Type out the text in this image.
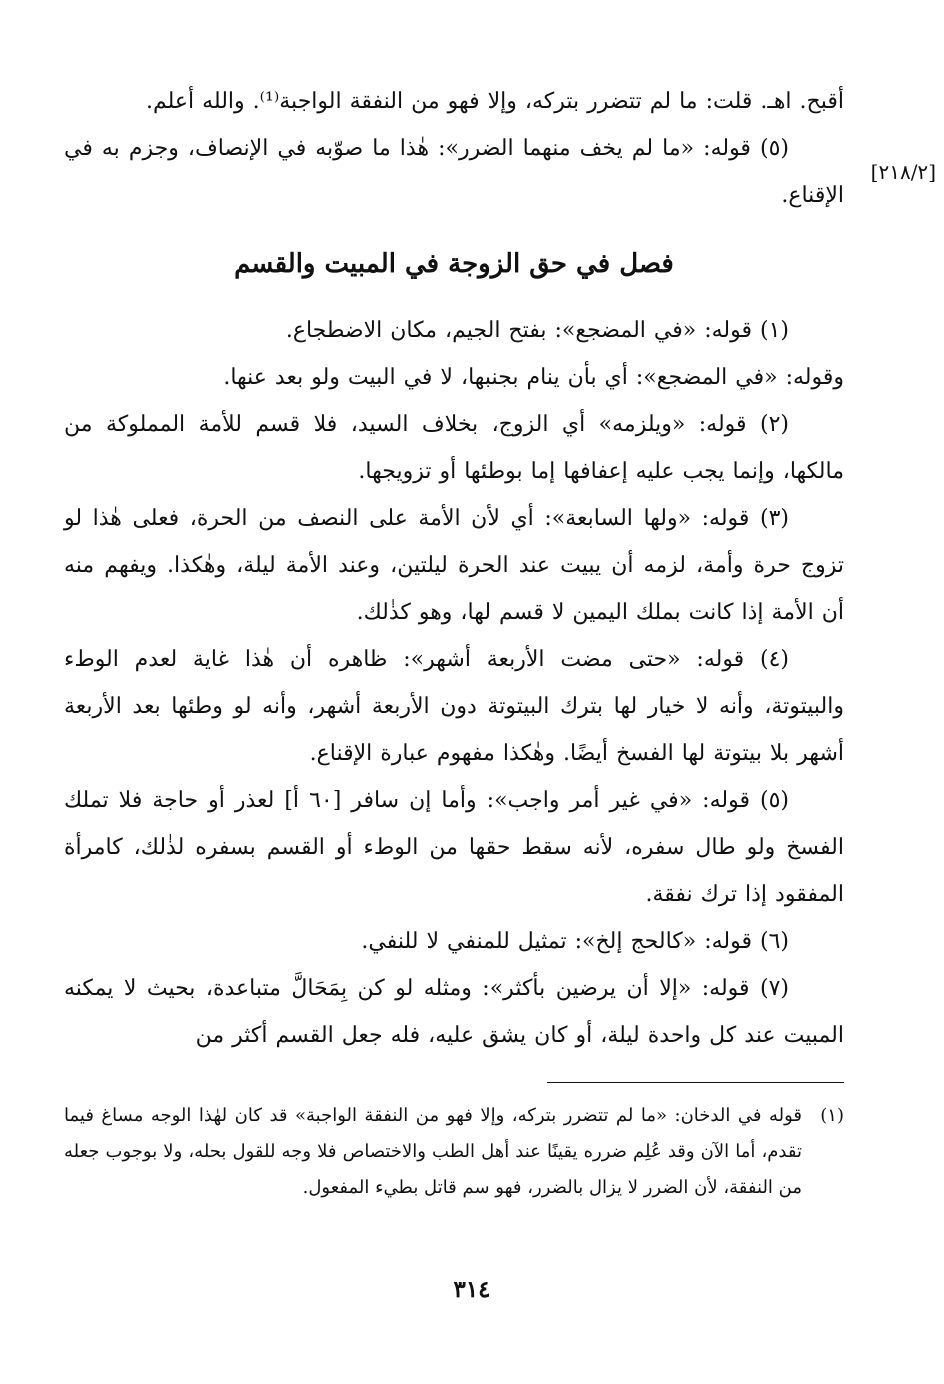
[٢١٨/٢]
أقبح. اهـ. قلت: ما لم تتضرر بتركه، وإلا فهو من النفقة الواجبة⁽¹⁾. والله أعلم.
(٥) قوله: «ما لم يخف منهما الضرر»: هٰذا ما صوّبه في الإنصاف، وجزم به في الإقناع.
فصل في حق الزوجة في المبيت والقسم
(١) قوله: «في المضجع»: بفتح الجيم، مكان الاضطجاع.
وقوله: «في المضجع»: أي بأن ينام بجنبها، لا في البيت ولو بعد عنها.
(٢) قوله: «ويلزمه» أي الزوج، بخلاف السيد، فلا قسم للأمة المملوكة من مالكها، وإنما يجب عليه إعفافها إما بوطئها أو تزويجها.
(٣) قوله: «ولها السابعة»: أي لأن الأمة على النصف من الحرة، فعلى هٰذا لو تزوج حرة وأمة، لزمه أن يبيت عند الحرة ليلتين، وعند الأمة ليلة، وهٰكذا. ويفهم منه أن الأمة إذا كانت بملك اليمين لا قسم لها، وهو كذٰلك.
(٤) قوله: «حتى مضت الأربعة أشهر»: ظاهره أن هٰذا غاية لعدم الوطء والبيتوتة، وأنه لا خيار لها بترك البيتوتة دون الأربعة أشهر، وأنه لو وطئها بعد الأربعة أشهر بلا بيتوتة لها الفسخ أيضًا. وهٰكذا مفهوم عبارة الإقناع.
(٥) قوله: «في غير أمر واجب»: وأما إن سافر [٦٠ أ] لعذر أو حاجة فلا تملك الفسخ ولو طال سفره، لأنه سقط حقها من الوطء أو القسم بسفره لذٰلك، كامرأة المفقود إذا ترك نفقة.
(٦) قوله: «كالحج إلخ»: تمثيل للمنفي لا للنفي.
(٧) قوله: «إلا أن يرضين بأكثر»: ومثله لو كن بِمَحَالَّ متباعدة، بحيث لا يمكنه المبيت عند كل واحدة ليلة، أو كان يشق عليه، فله جعل القسم أكثر من
(١)
قوله في الدخان: «ما لم تتضرر بتركه، وإلا فهو من النفقة الواجبة» قد كان لهٰذا الوجه مساغ فيما تقدم، أما الآن وقد عُلِم ضرره يقينًا عند أهل الطب والاختصاص فلا وجه للقول بحله، ولا بوجوب جعله من النفقة، لأن الضرر لا يزال بالضرر، فهو سم قاتل بطيء المفعول.
٣١٤
